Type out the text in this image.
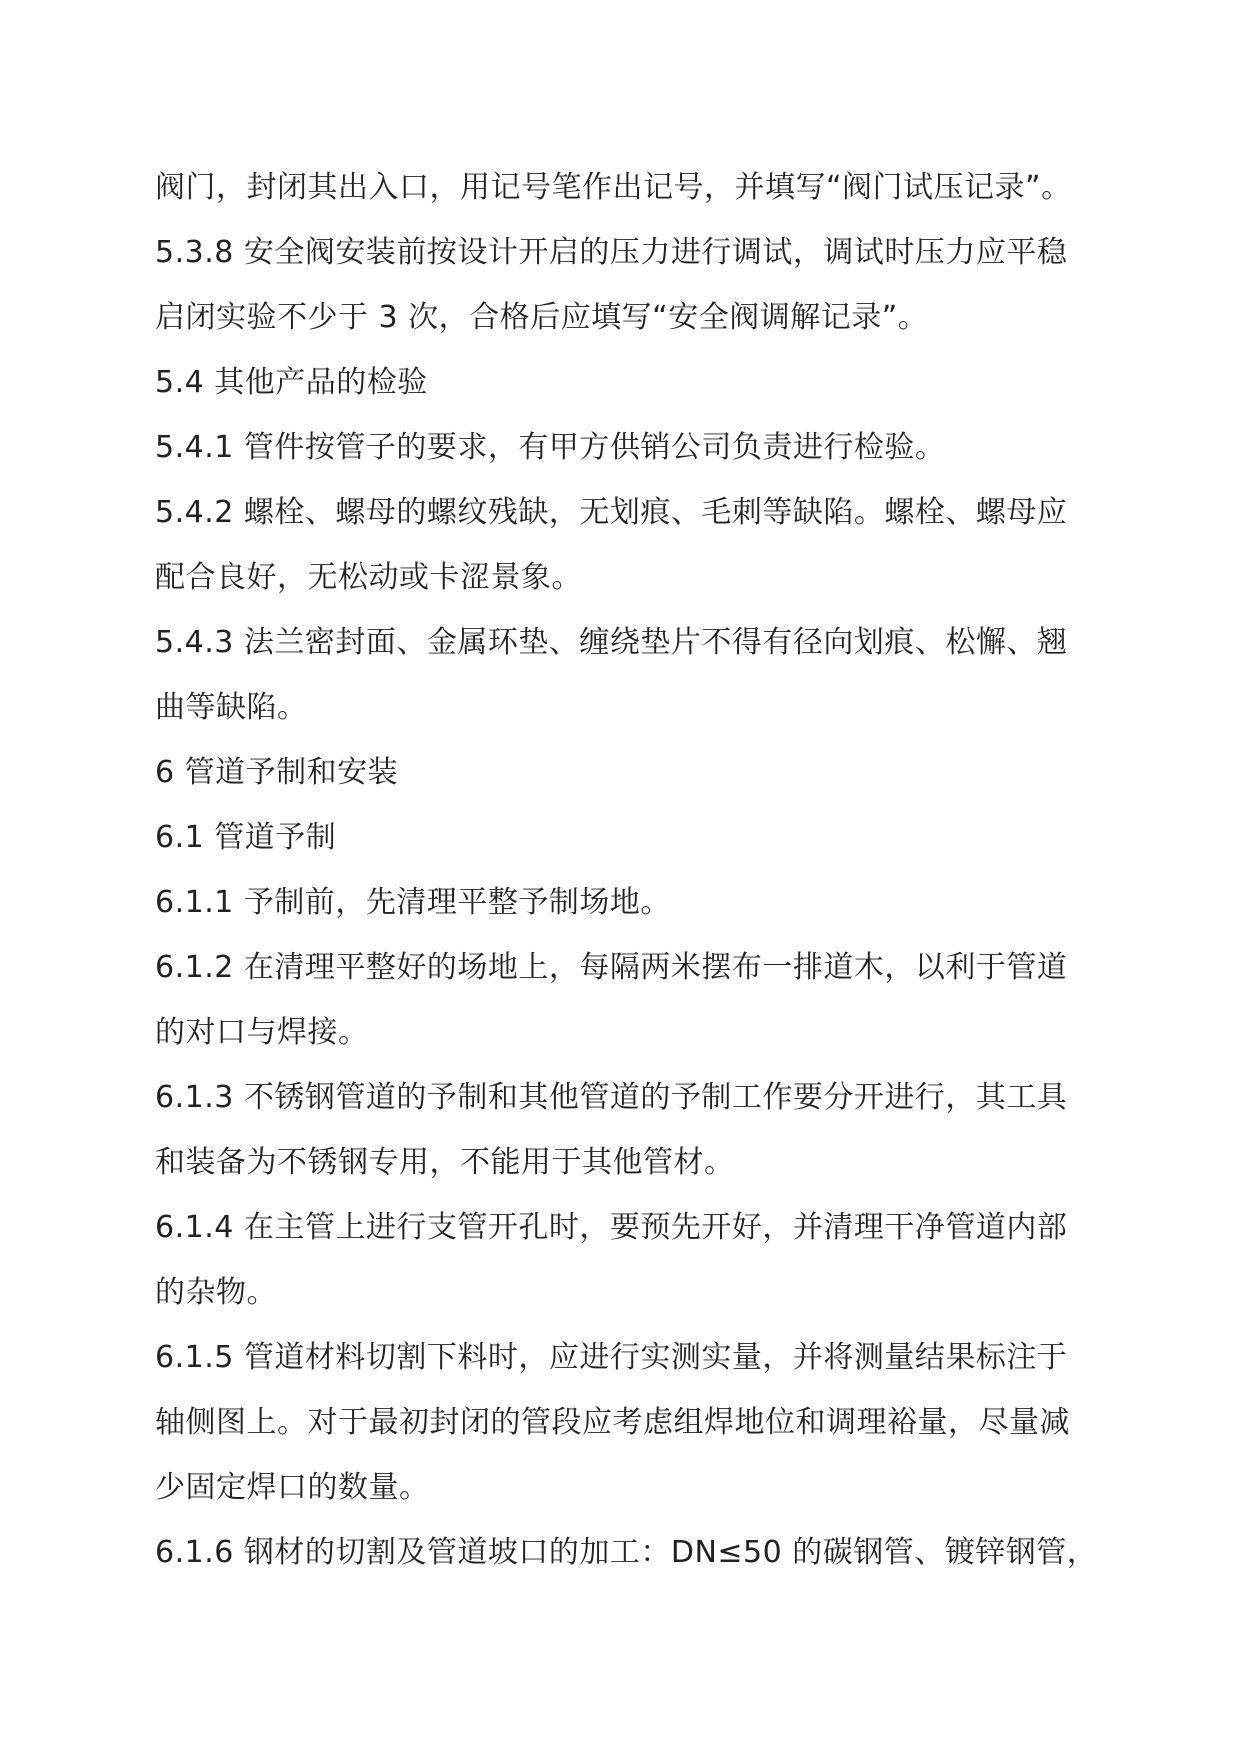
阀门，封闭其出入口，用记号笔作出记号，并填写“阀门试压记录”。
5.3.8 安全阀安装前按设计开启的压力进行调试，调试时压力应平稳
启闭实验不少于 3 次，合格后应填写“安全阀调解记录”。
5.4 其他产品的检验
5.4.1 管件按管子的要求，有甲方供销公司负责进行检验。
5.4.2 螺栓、螺母的螺纹残缺，无划痕、毛刺等缺陷。螺栓、螺母应
配合良好，无松动或卡涩景象。
5.4.3 法兰密封面、金属环垫、缠绕垫片不得有径向划痕、松懈、翘
曲等缺陷。
6 管道予制和安装
6.1 管道予制
6.1.1 予制前，先清理平整予制场地。
6.1.2 在清理平整好的场地上，每隔两米摆布一排道木，以利于管道
的对口与焊接。
6.1.3 不锈钢管道的予制和其他管道的予制工作要分开进行，其工具
和装备为不锈钢专用，不能用于其他管材。
6.1.4 在主管上进行支管开孔时，要预先开好，并清理干净管道内部
的杂物。
6.1.5 管道材料切割下料时，应进行实测实量，并将测量结果标注于
轴侧图上。对于最初封闭的管段应考虑组焊地位和调理裕量，尽量减
少固定焊口的数量。
6.1.6 钢材的切割及管道坡口的加工：DN≤50 的碳钢管、镀锌钢管，
